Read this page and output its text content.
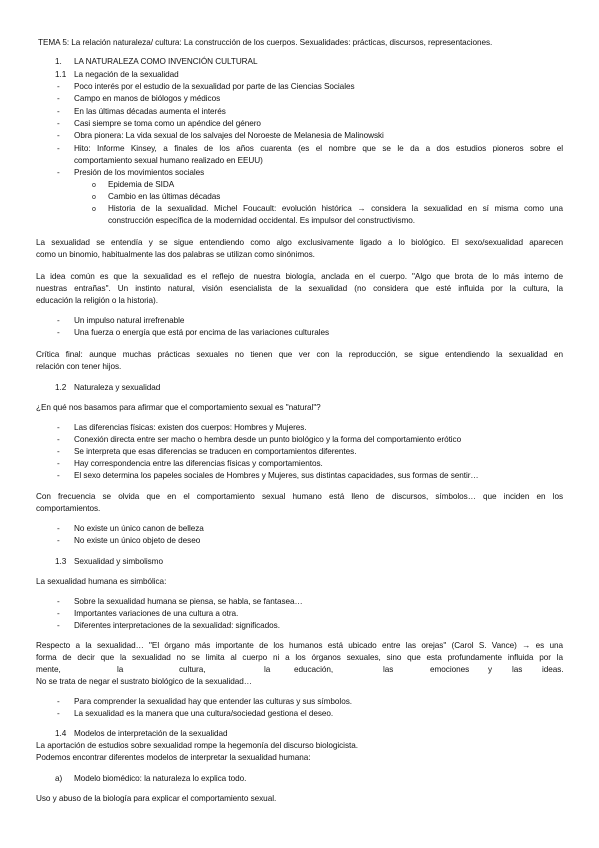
TEMA 5: La relación naturaleza/ cultura: La construcción de los cuerpos. Sexualidades: prácticas, discursos, representaciones.
1. LA NATURALEZA COMO INVENCIÓN CULTURAL
1.1 La negación de la sexualidad
- Poco interés por el estudio de la sexualidad por parte de las Ciencias Sociales
- Campo en manos de biólogos y médicos
- En las últimas décadas aumenta el interés
- Casi siempre se toma como un apéndice del género
- Obra pionera: La vida sexual de los salvajes del Noroeste de Melanesia de Malinowski
- Hito: Informe Kinsey, a finales de los años cuarenta (es el nombre que se le da a dos estudios pioneros sobre el
comportamiento sexual humano realizado en EEUU)
- Presión de los movimientos sociales
o Epidemia de SIDA
o Cambio en las últimas décadas
o Historia de la sexualidad. Michel Foucault: evolución histórica → considera la sexualidad en sí misma como una
construcción específica de la modernidad occidental. Es impulsor del constructivismo.
La sexualidad se entendía y se sigue entendiendo como algo exclusivamente ligado a lo biológico. El sexo/sexualidad aparecen
como un binomio, habitualmente las dos palabras se utilizan como sinónimos.
La idea común es que la sexualidad es el reflejo de nuestra biología, anclada en el cuerpo. "Algo que brota de lo más interno de
nuestras entrañas". Un instinto natural, visión esencialista de la sexualidad (no considera que esté influida por la cultura, la
educación la religión o la historia).
- Un impulso natural irrefrenable
- Una fuerza o energía que está por encima de las variaciones culturales
Crítica final: aunque muchas prácticas sexuales no tienen que ver con la reproducción, se sigue entendiendo la sexualidad en
relación con tener hijos.
1.2 Naturaleza y sexualidad
¿En qué nos basamos para afirmar que el comportamiento sexual es "natural"?
- Las diferencias físicas: existen dos cuerpos: Hombres y Mujeres.
- Conexión directa entre ser macho o hembra desde un punto biológico y la forma del comportamiento erótico
- Se interpreta que esas diferencias se traducen en comportamientos diferentes.
- Hay correspondencia entre las diferencias físicas y comportamientos.
- El sexo determina los papeles sociales de Hombres y Mujeres, sus distintas capacidades, sus formas de sentir…
Con frecuencia se olvida que en el comportamiento sexual humano está lleno de discursos, símbolos… que inciden en los
comportamientos.
- No existe un único canon de belleza
- No existe un único objeto de deseo
1.3 Sexualidad y simbolismo
La sexualidad humana es simbólica:
- Sobre la sexualidad humana se piensa, se habla, se fantasea…
- Importantes variaciones de una cultura a otra.
- Diferentes interpretaciones de la sexualidad: significados.
Respecto a la sexualidad… "El órgano más importante de los humanos está ubicado entre las orejas" (Carol S. Vance) → es una
forma de decir que la sexualidad no se limita al cuerpo ni a los órganos sexuales, sino que esta profundamente influida por la
mente,	la	cultura,	la	educación,	las	emociones y las ideas.
No se trata de negar el sustrato biológico de la sexualidad…
- Para comprender la sexualidad hay que entender las culturas y sus símbolos.
- La sexualidad es la manera que una cultura/sociedad gestiona el deseo.
1.4 Modelos de interpretación de la sexualidad
La aportación de estudios sobre sexualidad rompe la hegemonía del discurso biologicista.
Podemos encontrar diferentes modelos de interpretar la sexualidad humana:
a) Modelo biomédico: la naturaleza lo explica todo.
Uso y abuso de la biología para explicar el comportamiento sexual.
